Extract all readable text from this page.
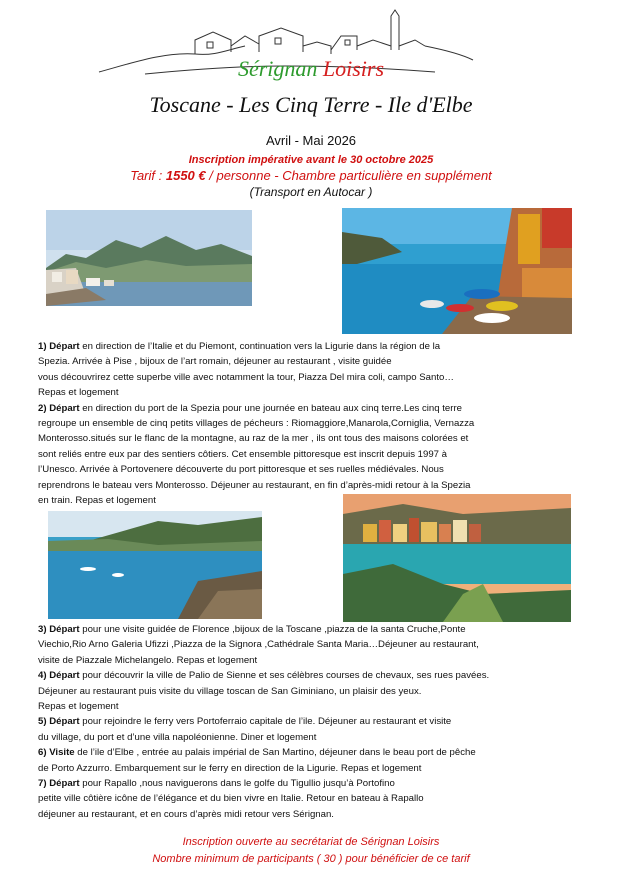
Sérignan Loisirs
Toscane - Les Cinq Terre - Ile d'Elbe
Avril - Mai 2026
Inscription impérative avant le 30 octobre 2025
Tarif : 1550 € / personne - Chambre particulière en supplément
(Transport en Autocar )

1) Départ en direction de l’Italie et du Piemont, continuation vers la Ligurie dans la région de la

Spezia. Arrivée à Pise , bijoux de l’art romain, déjeuner au restaurant , visite guidée

vous découvrirez cette superbe ville avec notamment la tour, Piazza Del mira coli, campo Santo…

Repas et logement

2) Départ en direction du port de la Spezia pour une journée en bateau aux cinq terre.Les cinq terre

regroupe un ensemble de cinq petits villages de pécheurs : Riomaggiore,Manarola,Corniglia, Vernazza

Monterosso.situés sur le flanc de la montagne, au raz de la mer , ils ont tous des maisons colorées et

sont reliés entre eux par des sentiers côtiers. Cet ensemble pittoresque est inscrit depuis 1997 à

l’Unesco. Arrivée à Portovenere découverte du port pittoresque et ses ruelles médiévales. Nous

reprendrons le bateau vers Monterosso. Déjeuner au restaurant, en fin d’après-midi retour à la Spezia

en train. Repas et logement

3) Départ pour une visite guidée de Florence ,bijoux de la Toscane ,piazza de la santa Cruche,Ponte

Viechio,Rio Arno Galeria Ufizzi ,Piazza de la Signora ,Cathédrale Santa Maria…Déjeuner au restaurant,

visite de Piazzale Michelangelo. Repas et logement

4) Départ pour découvrir la ville de Palio de Sienne et ses célèbres courses de chevaux, ses rues pavées.

Déjeuner au restaurant puis visite du village toscan de San Giminiano, un plaisir des yeux.

Repas et logement

5) Départ pour rejoindre le ferry vers Portoferraio capitale de l’ile. Déjeuner au restaurant et visite

du village, du port et d’une villa napoléonienne. Diner et logement

6) Visite de l’ile d’Elbe , entrée au palais impérial de San Martino, déjeuner dans le beau port de pêche

de Porto Azzurro. Embarquement sur le ferry en direction de la Ligurie. Repas et logement

7) Départ pour Rapallo ,nous naviguerons dans le golfe du Tigullio jusqu’à Portofino

petite ville côtière icône de l’élégance et du bien vivre en Italie. Retour en bateau à Rapallo

déjeuner au restaurant, et en cours d’après midi retour vers Sérignan.

Inscription ouverte au secrétariat de Sérignan Loisirs
Nombre minimum de participants ( 30 ) pour bénéficier de ce tarif
